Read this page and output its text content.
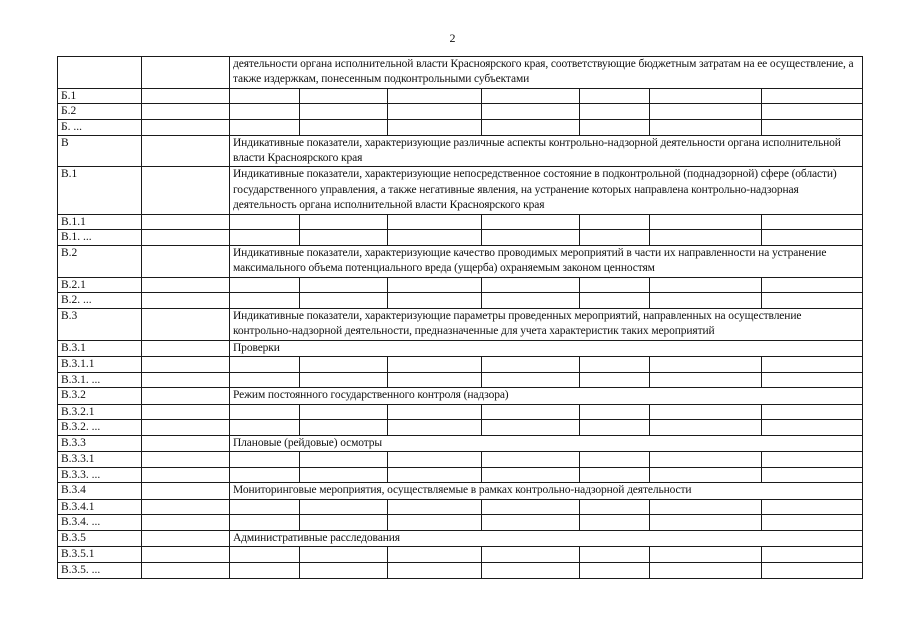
2
		деятельности органа исполнительной власти Красноярского края, соответствующие бюджетным затратам на ее осуществление, а также издержкам, понесенным подконтрольными субъектами						
Б.1								
Б.2								
Б. ...								
В		Индикативные показатели, характеризующие различные аспекты контрольно-надзорной деятельности органа исполнительной власти Красноярского края						
В.1		Индикативные показатели, характеризующие непосредственное состояние в подконтрольной (поднадзорной) сфере (области) государственного управления, а также негативные явления, на устранение которых направлена контрольно-надзорная деятельность органа исполнительной власти Красноярского края						
В.1.1								
В.1. ...								
В.2		Индикативные показатели, характеризующие качество проводимых мероприятий в части их направленности на устранение максимального объема потенциального вреда (ущерба) охраняемым законом ценностям						
В.2.1								
В.2. ...								
В.3		Индикативные показатели, характеризующие параметры проведенных мероприятий, направленных на осуществление контрольно-надзорной деятельности, предназначенные для учета характеристик таких мероприятий						
В.3.1		Проверки						
В.3.1.1								
В.3.1. ...								
В.3.2		Режим постоянного государственного контроля (надзора)						
В.3.2.1								
В.3.2. ...								
В.3.3		Плановые (рейдовые) осмотры						
В.3.3.1								
В.3.3. ...								
В.3.4		Мониторинговые мероприятия, осуществляемые в рамках контрольно-надзорной деятельности						
В.3.4.1								
В.3.4. ...								
В.3.5		Административные расследования						
В.3.5.1								
В.3.5. ...								
